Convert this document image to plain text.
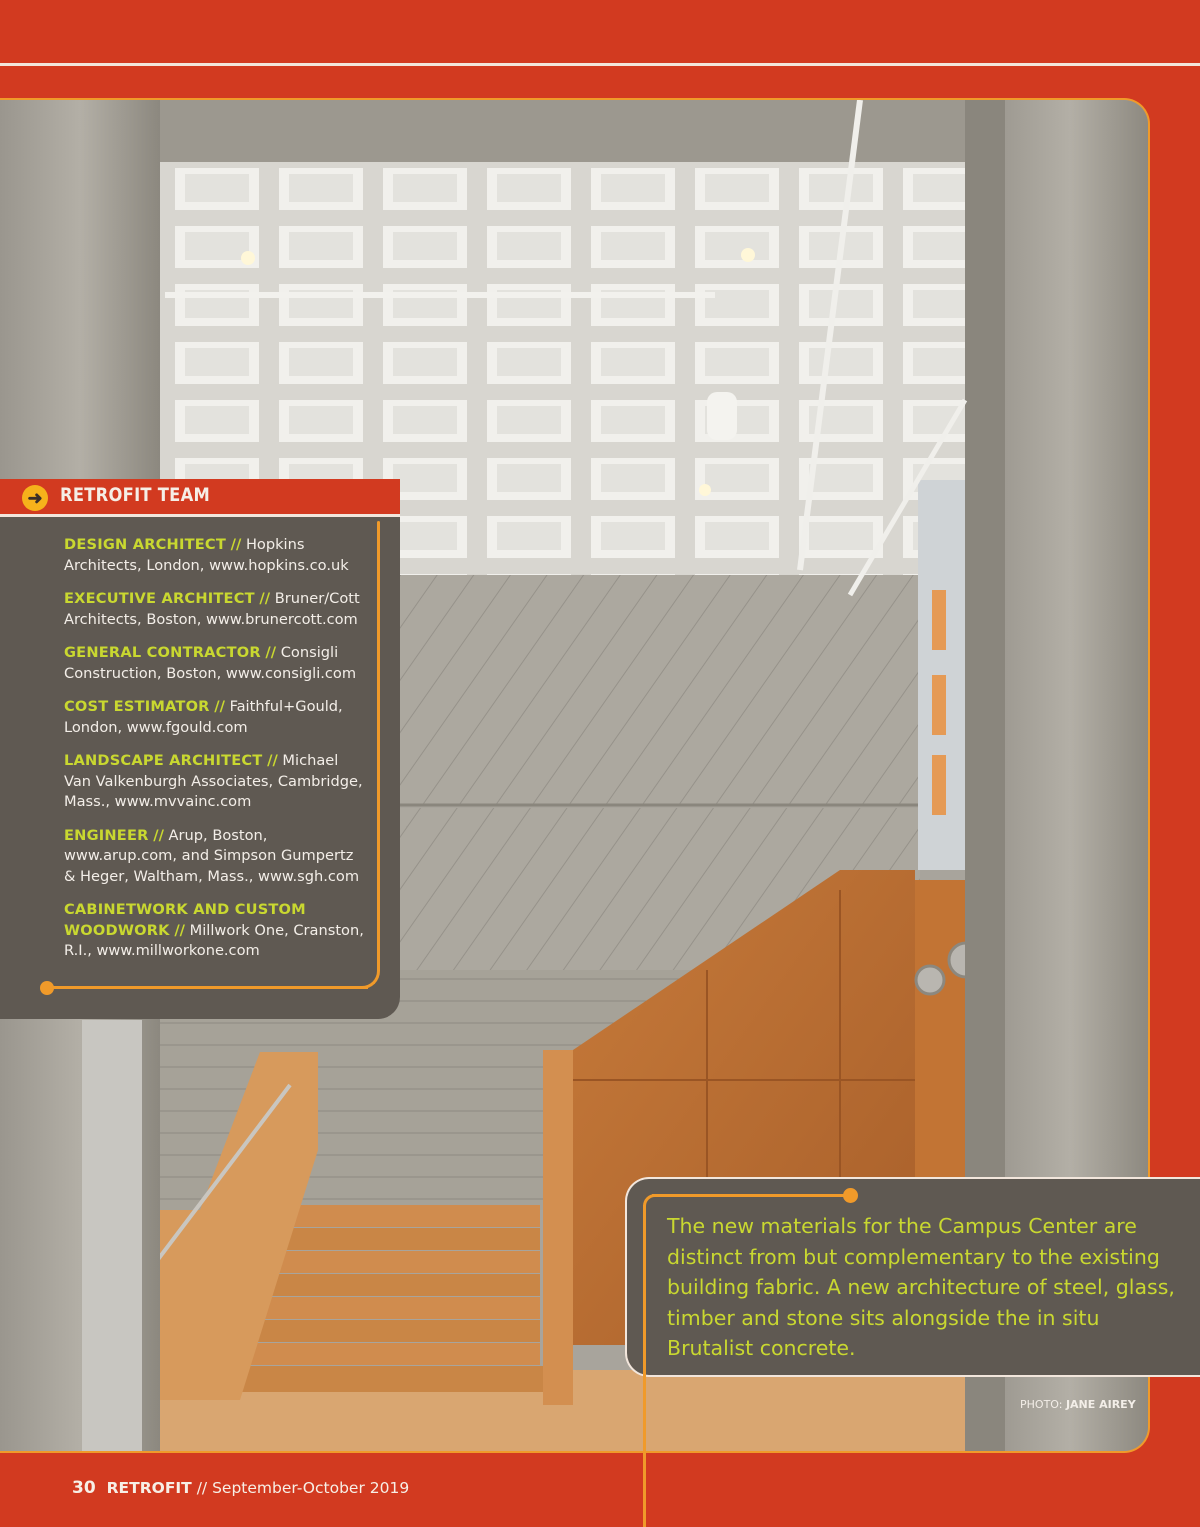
➜ RETROFIT TEAM
DESIGN ARCHITECT // Hopkins Architects, London, www.hopkins.co.uk
EXECUTIVE ARCHITECT // Bruner/Cott Architects, Boston, www.brunercott.com
GENERAL CONTRACTOR // Consigli Construction, Boston, www.consigli.com
COST ESTIMATOR // Faithful+Gould, London, www.fgould.com
LANDSCAPE ARCHITECT // Michael Van Valkenburgh Associates, Cambridge, Mass., www.mvvainc.com
ENGINEER // Arup, Boston, www.arup.com, and Simpson Gumpertz & Heger, Waltham, Mass., www.sgh.com
CABINETWORK AND CUSTOM WOODWORK // Millwork One, Cranston, R.I., www.millworkone.com
The new materials for the Campus Center are distinct from but complementary to the existing building fabric. A new architecture of steel, glass, timber and stone sits alongside the in situ Brutalist concrete.
PHOTO: JANE AIREY
30 RETROFIT // September-October 2019
